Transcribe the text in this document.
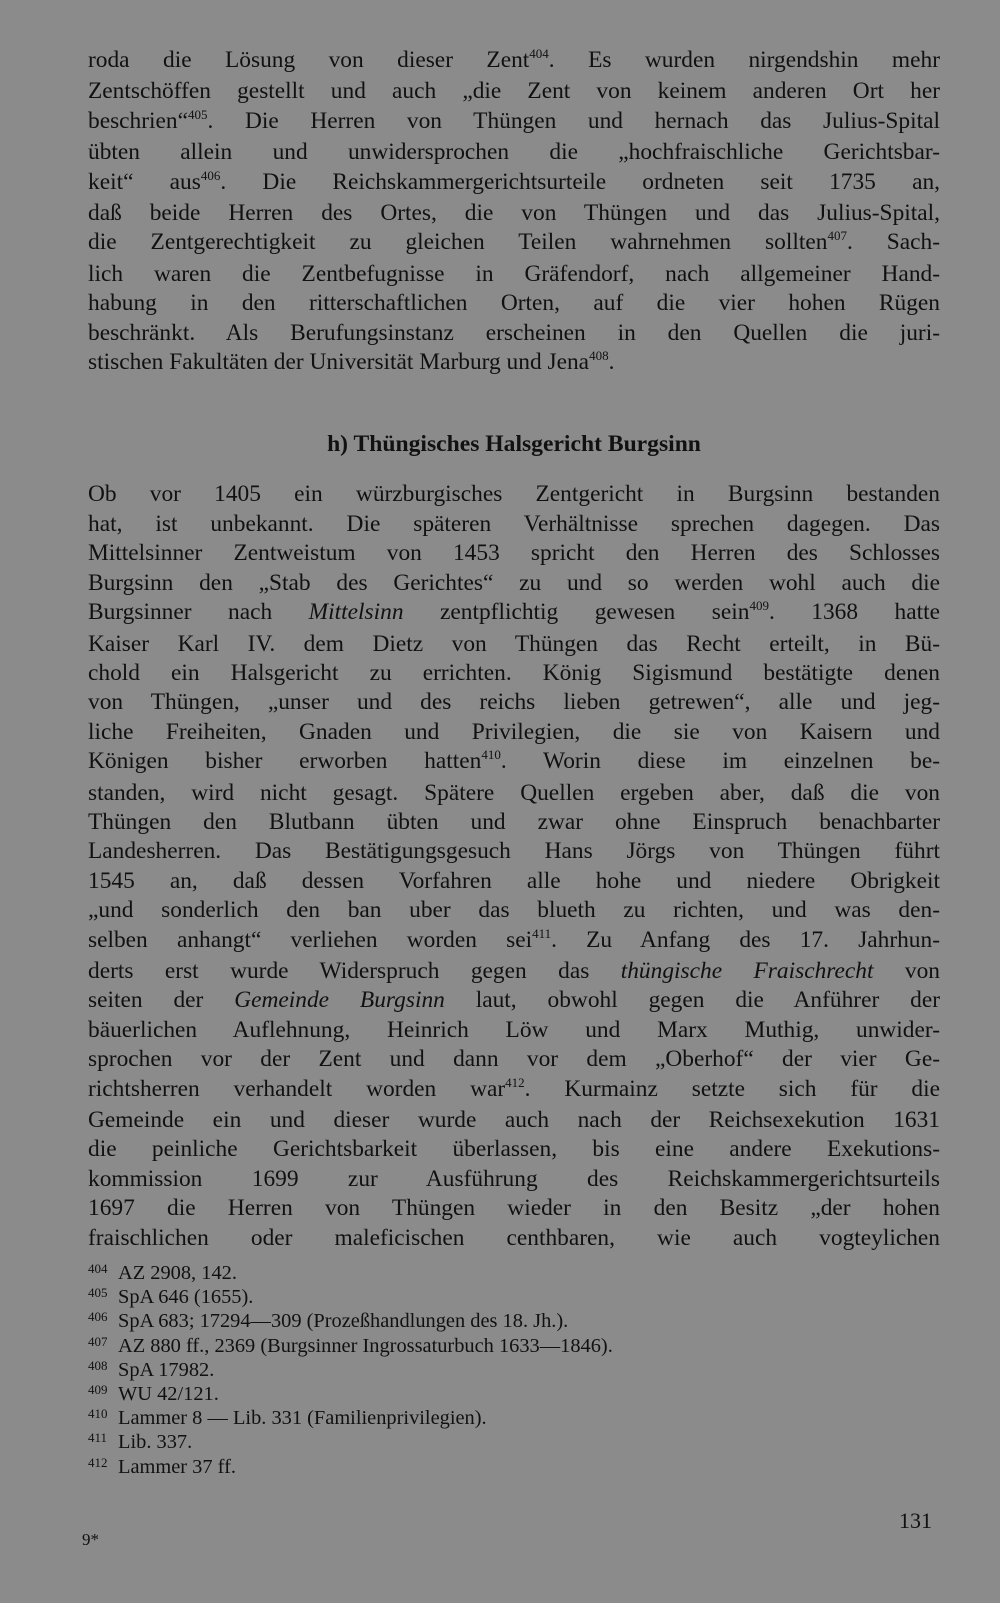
roda die Lösung von dieser Zent$^{404}$. Es wurden nirgendshin mehr
Zentschöffen gestellt und auch „die Zent von keinem anderen Ort her
beschrien“$^{405}$. Die Herren von Thüngen und hernach das Julius-Spital
übten allein und unwidersprochen die „hochfraischliche Gerichtsbar-
keit“ aus$^{406}$. Die Reichskammergerichtsurteile ordneten seit 1735 an,
daß beide Herren des Ortes, die von Thüngen und das Julius-Spital,
die Zentgerechtigkeit zu gleichen Teilen wahrnehmen sollten$^{407}$. Sach-
lich waren die Zentbefugnisse in Gräfendorf, nach allgemeiner Hand-
habung in den ritterschaftlichen Orten, auf die vier hohen Rügen
beschränkt. Als Berufungsinstanz erscheinen in den Quellen die juri-
stischen Fakultäten der Universität Marburg und Jena$^{408}$.

h) Thüngisches Halsgericht Burgsinn

Ob vor 1405 ein würzburgisches Zentgericht in Burgsinn bestanden
hat, ist unbekannt. Die späteren Verhältnisse sprechen dagegen. Das
Mittelsinner Zentweistum von 1453 spricht den Herren des Schlosses
Burgsinn den „Stab des Gerichtes“ zu und so werden wohl auch die
Burgsinner nach Mittelsinn zentpflichtig gewesen sein$^{409}$. 1368 hatte
Kaiser Karl IV. dem Dietz von Thüngen das Recht erteilt, in Bü-
chold ein Halsgericht zu errichten. König Sigismund bestätigte denen
von Thüngen, „unser und des reichs lieben getrewen“, alle und jeg-
liche Freiheiten, Gnaden und Privilegien, die sie von Kaisern und
Königen bisher erworben hatten$^{410}$. Worin diese im einzelnen be-
standen, wird nicht gesagt. Spätere Quellen ergeben aber, daß die von
Thüngen den Blutbann übten und zwar ohne Einspruch benachbarter
Landesherren. Das Bestätigungsgesuch Hans Jörgs von Thüngen führt
1545 an, daß dessen Vorfahren alle hohe und niedere Obrigkeit
„und sonderlich den ban uber das blueth zu richten, und was den-
selben anhangt“ verliehen worden sei$^{411}$. Zu Anfang des 17. Jahrhun-
derts erst wurde Widerspruch gegen das thüngische Fraischrecht von
seiten der Gemeinde Burgsinn laut, obwohl gegen die Anführer der
bäuerlichen Auflehnung, Heinrich Löw und Marx Muthig, unwider-
sprochen vor der Zent und dann vor dem „Oberhof“ der vier Ge-
richtsherren verhandelt worden war$^{412}$. Kurmainz setzte sich für die
Gemeinde ein und dieser wurde auch nach der Reichsexekution 1631
die peinliche Gerichtsbarkeit überlassen, bis eine andere Exekutions-
kommission 1699 zur Ausführung des Reichskammergerichtsurteils
1697 die Herren von Thüngen wieder in den Besitz „der hohen
fraischlichen oder maleficischen centhbaren, wie auch vogteylichen

404 AZ 2908, 142.
405 SpA 646 (1655).
406 SpA 683; 17294—309 (Prozeßhandlungen des 18. Jh.).
407 AZ 880 ff., 2369 (Burgsinner Ingrossaturbuch 1633—1846).
408 SpA 17982.
409 WU 42/121.
410 Lammer 8 — Lib. 331 (Familienprivilegien).
411 Lib. 337.
412 Lammer 37 ff.
131
9*
